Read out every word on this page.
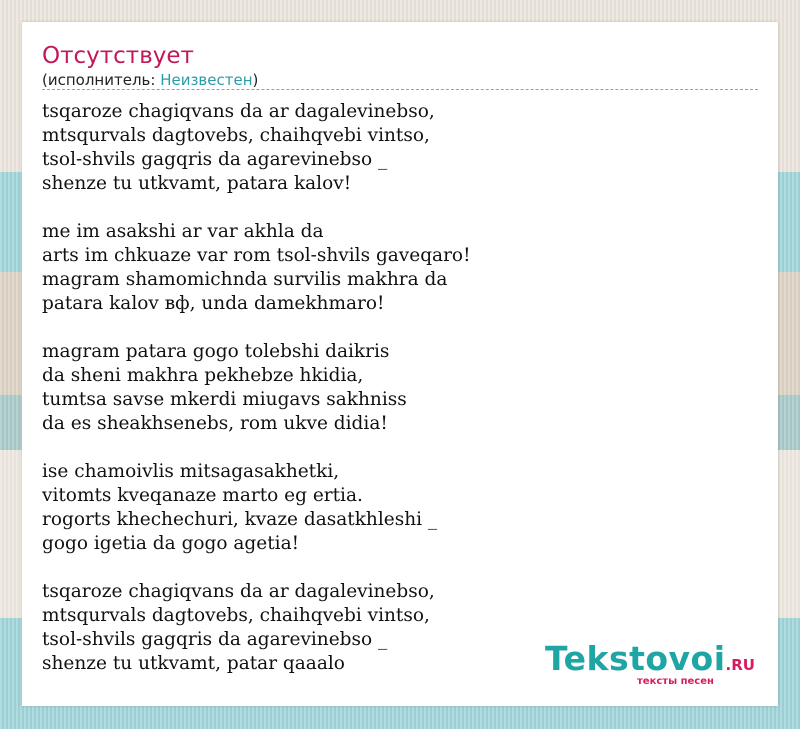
Отсутствует
(исполнитель: Неизвестен)
tsqaroze chagiqvans da ar dagalevinebso,
mtsqurvals dagtovebs, chaihqvebi vintso,
tsol-shvils gagqris da agarevinebso _
shenze tu utkvamt, patara kalov!
me im asakshi ar var akhla da
arts im chkuaze var rom tsol-shvils gaveqaro!
magram shamomichnda survilis makhra da
patara kalov вф, unda damekhmaro!
magram patara gogo tolebshi daikris
da sheni makhra pekhebze hkidia,
tumtsa savse mkerdi miugavs sakhniss
da es sheakhsenebs, rom ukve didia!
ise chamoivlis mitsagasakhetki,
vitomts kveqanaze marto eg ertia.
rogorts khechechuri, kvaze dasatkhleshi _
gogo igetia da gogo agetia!
tsqaroze chagiqvans da ar dagalevinebso,
mtsqurvals dagtovebs, chaihqvebi vintso,
tsol-shvils gagqris da agarevinebso _
shenze tu utkvamt, patar qaaalo	Tekstovoi.RU
тексты песен
